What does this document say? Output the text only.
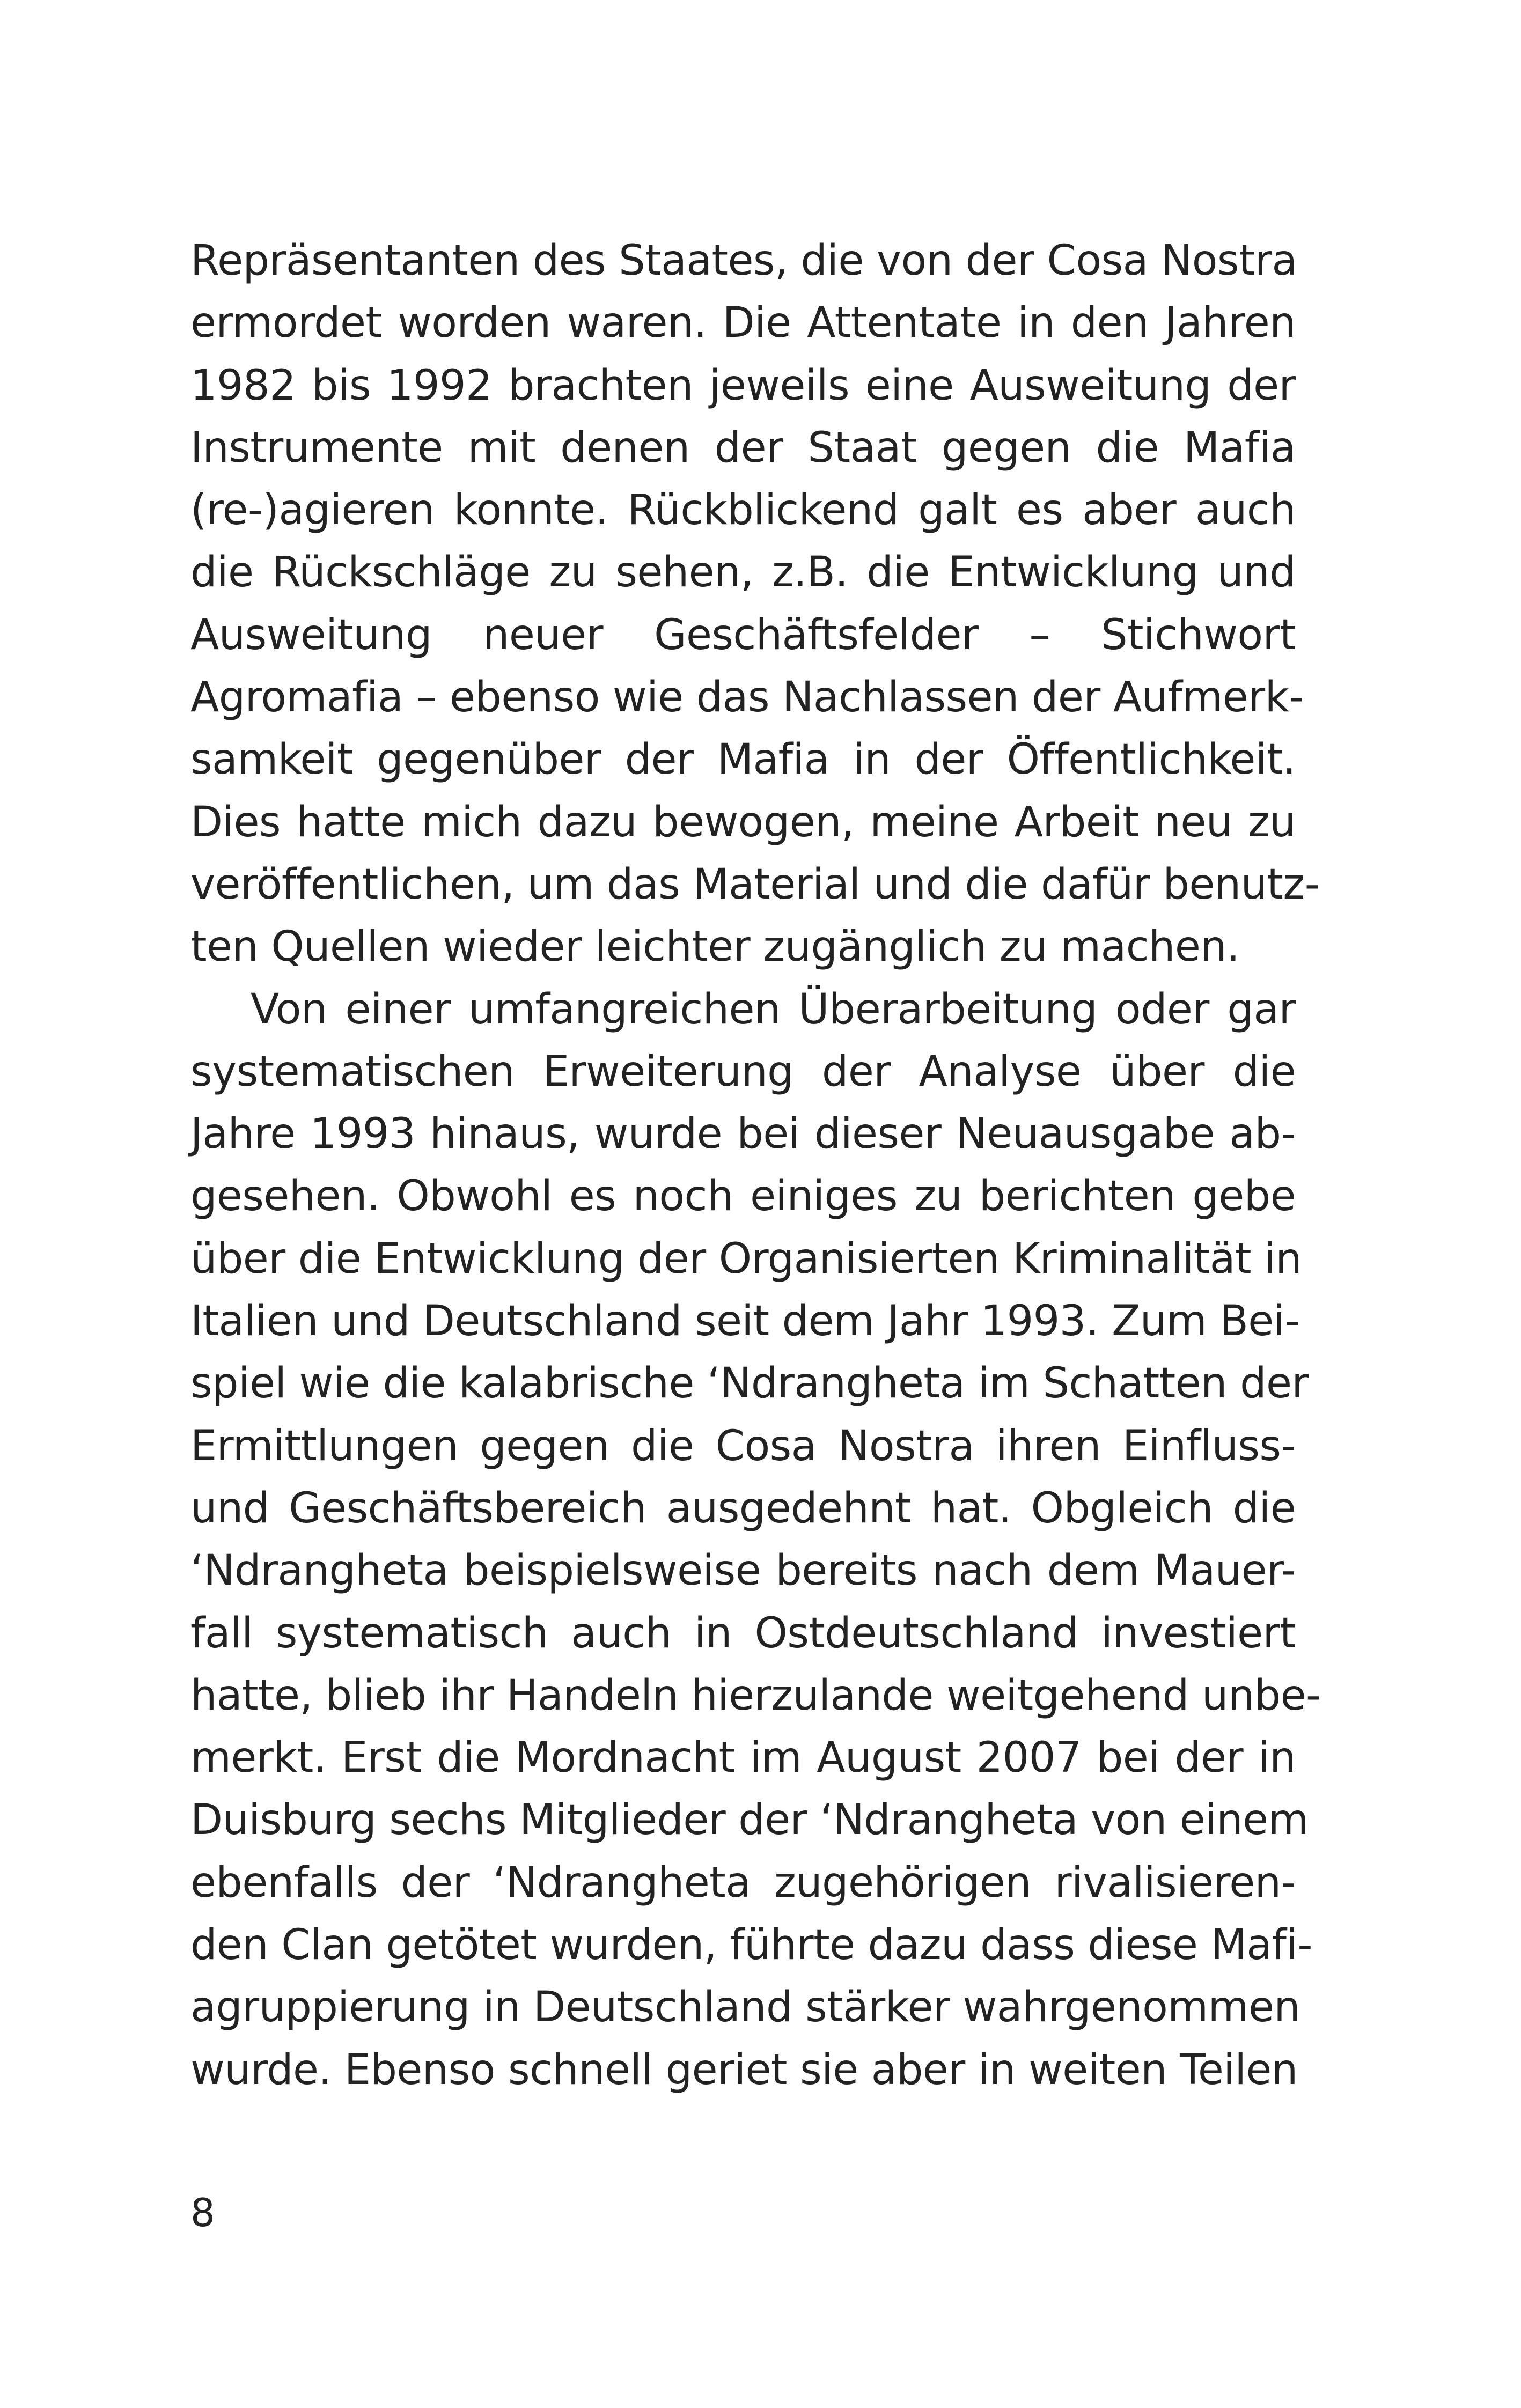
Repräsentanten des Staates, die von der Cosa Nostra
ermordet worden waren. Die Attentate in den Jahren
1982 bis 1992 brachten jeweils eine Ausweitung der
Instrumente mit denen der Staat gegen die Mafia
(re-)agieren konnte. Rückblickend galt es aber auch
die Rückschläge zu sehen, z.B. die Entwicklung und
Ausweitung neuer Geschäftsfelder – Stichwort
Agromafia – ebenso wie das Nachlassen der Aufmerk-
samkeit gegenüber der Mafia in der Öffentlichkeit.
Dies hatte mich dazu bewogen, meine Arbeit neu zu
veröffentlichen, um das Material und die dafür benutz-
ten Quellen wieder leichter zugänglich zu machen.
Von einer umfangreichen Überarbeitung oder gar
systematischen Erweiterung der Analyse über die
Jahre 1993 hinaus, wurde bei dieser Neuausgabe ab-
gesehen. Obwohl es noch einiges zu berichten gebe
über die Entwicklung der Organisierten Kriminalität in
Italien und Deutschland seit dem Jahr 1993. Zum Bei-
spiel wie die kalabrische ‘Ndrangheta im Schatten der
Ermittlungen gegen die Cosa Nostra ihren Einfluss-
und Geschäftsbereich ausgedehnt hat. Obgleich die
‘Ndrangheta beispielsweise bereits nach dem Mauer-
fall systematisch auch in Ostdeutschland investiert
hatte, blieb ihr Handeln hierzulande weitgehend unbe-
merkt. Erst die Mordnacht im August 2007 bei der in
Duisburg sechs Mitglieder der ‘Ndrangheta von einem
ebenfalls der ‘Ndrangheta zugehörigen rivalisieren-
den Clan getötet wurden, führte dazu dass diese Mafi-
agruppierung in Deutschland stärker wahrgenommen
wurde. Ebenso schnell geriet sie aber in weiten Teilen
8
